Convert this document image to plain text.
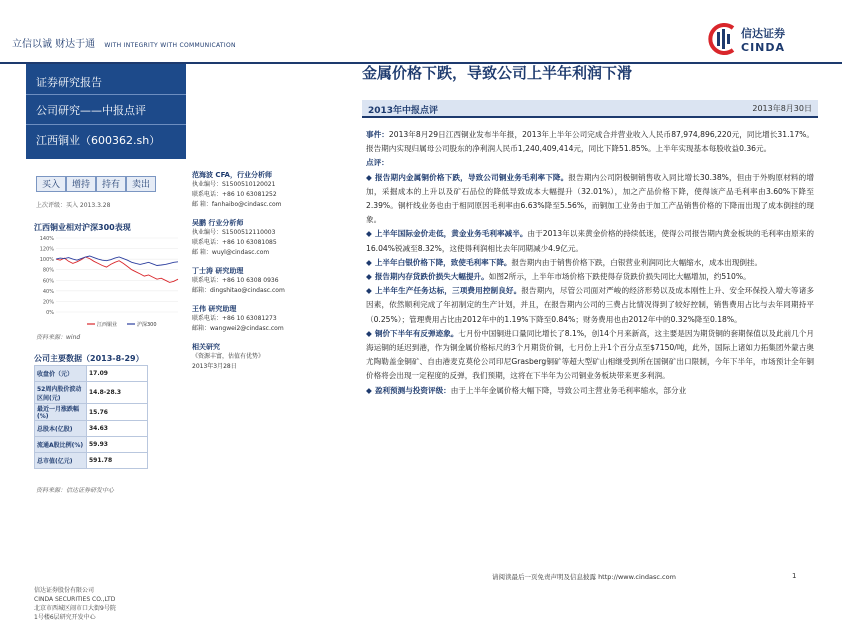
立信以诚 财达于通 WITH INTEGRITY WITH COMMUNICATION
信达证券
CINDA
证券研究报告
公司研究——中报点评
江西铜业（600362.sh）
买入	增持	持有	卖出
上次评级：买入 2013.3.28
江西铜业相对沪深300表现
140%
120%
100%
80%
60%
40%
20%
0%
江西铜业	沪深300
资料来源：wind
公司主要数据（2013-8-29）
收盘价（元）	17.09
52周内股价波动区间(元)	14.8-28.3
最近一月涨跌幅(%)	15.76
总股本(亿股)	34.63
流通A股比例(%)	59.93
总市值(亿元)	591.78
资料来源：信达证券研发中心
信达证券股份有限公司
CINDA SECURITIES CO.,LTD
北京市西城区闹市口大街9号院
1号楼6层研究开发中心
范海波 CFA，行业分析师
执业编号：S1500510120021
联系电话：+86 10 63081252
邮 箱：fanhaibo@cindasc.com
吴鹏 行业分析师
执业编号：S1500512110003
联系电话：+86 10 63081085
邮 箱：wuyl@cindasc.com
丁士涛 研究助理
联系电话：+86 10 6308 0936
邮箱：dingshitao@cindasc.com
王伟 研究助理
联系电话：+86 10 63081273
邮箱：wangwei2@cindasc.com
相关研究
《资源丰富，估值有优势》
2013年3月28日
金属价格下跌，导致公司上半年利润下滑
2013年中报点评	2013年8月30日

事件：2013年8月29日江西铜业发布半年报，2013年上半年公司完成合并营业收入人民币87,974,896,220元，同比增长31.17%。报告期内实现归属母公司股东的净利润人民币1,240,409,414元，同比下降51.85%。上半年实现基本每股收益0.36元。

点评：

◆ 报告期内金属铜价格下跌，导致公司铜业务毛利率下降。报告期内公司阴极铜销售收入同比增长30.38%，但由于外购原材料的增加，采掘成本的上升以及矿石品位的降低导致成本大幅提升（32.01%），加之产品价格下降，使得该产品毛利率由3.60%下降至2.39%。铜杆线业务也由于相同原因毛利率由6.63%降至5.56%，而铜加工业务由于加工产品销售价格的下降而出现了成本倒挂的现象。

◆ 上半年国际金价走低，黄金业务毛利率减半。由于2013年以来黄金价格的持续低迷，使得公司报告期内黄金板块的毛利率由原来的16.04%锐减至8.32%，这使得利润相比去年同期减少4.9亿元。

◆ 上半年白银价格下降，致使毛利率下降。报告期内由于销售价格下跌，白银营业利润同比大幅缩水，成本出现倒挂。

◆ 报告期内存货跌价损失大幅提升。如图2所示，上半年市场价格下跌使得存货跌价损失同比大幅增加，约510%。

◆ 上半年生产任务达标，三项费用控制良好。报告期内，尽管公司面对严峻的经济形势以及成本刚性上升、安全环保投入增大等诸多因素，依然顺利完成了年初制定的生产计划，并且，在报告期内公司的三费占比情况得到了较好控制，销售费用占比与去年同期持平（0.25%）；管理费用占比由2012年中的1.19%下降至0.84%；财务费用也由2012年中的0.32%降至0.18%。

◆ 铜价下半年有反弹迹象。七月份中国铜进口量同比增长了8.1%，创14个月来新高，这主要是因为期货铜的套期保值以及此前几个月海运铜的延迟到港，作为铜金属价格标尺的3个月期货价铜，七月份上升1个百分点至$7150/吨，此外，国际上诸如力拓集团外蒙古奥尤陶勒盖金铜矿、自由港麦克莫伦公司印尼Grasberg铜矿等超大型矿山相继受到所在国铜矿出口限制，今年下半年，市场预计全年铜价格将会出现一定程度的反弹，我们预期，这将在下半年为公司铜业务板块带来更多利润。

◆ 盈利预测与投资评级：由于上半年金属价格大幅下降，导致公司主营业务毛利率缩水，部分业

请阅读最后一页免责声明及信息披露 http://www.cindasc.com	1
